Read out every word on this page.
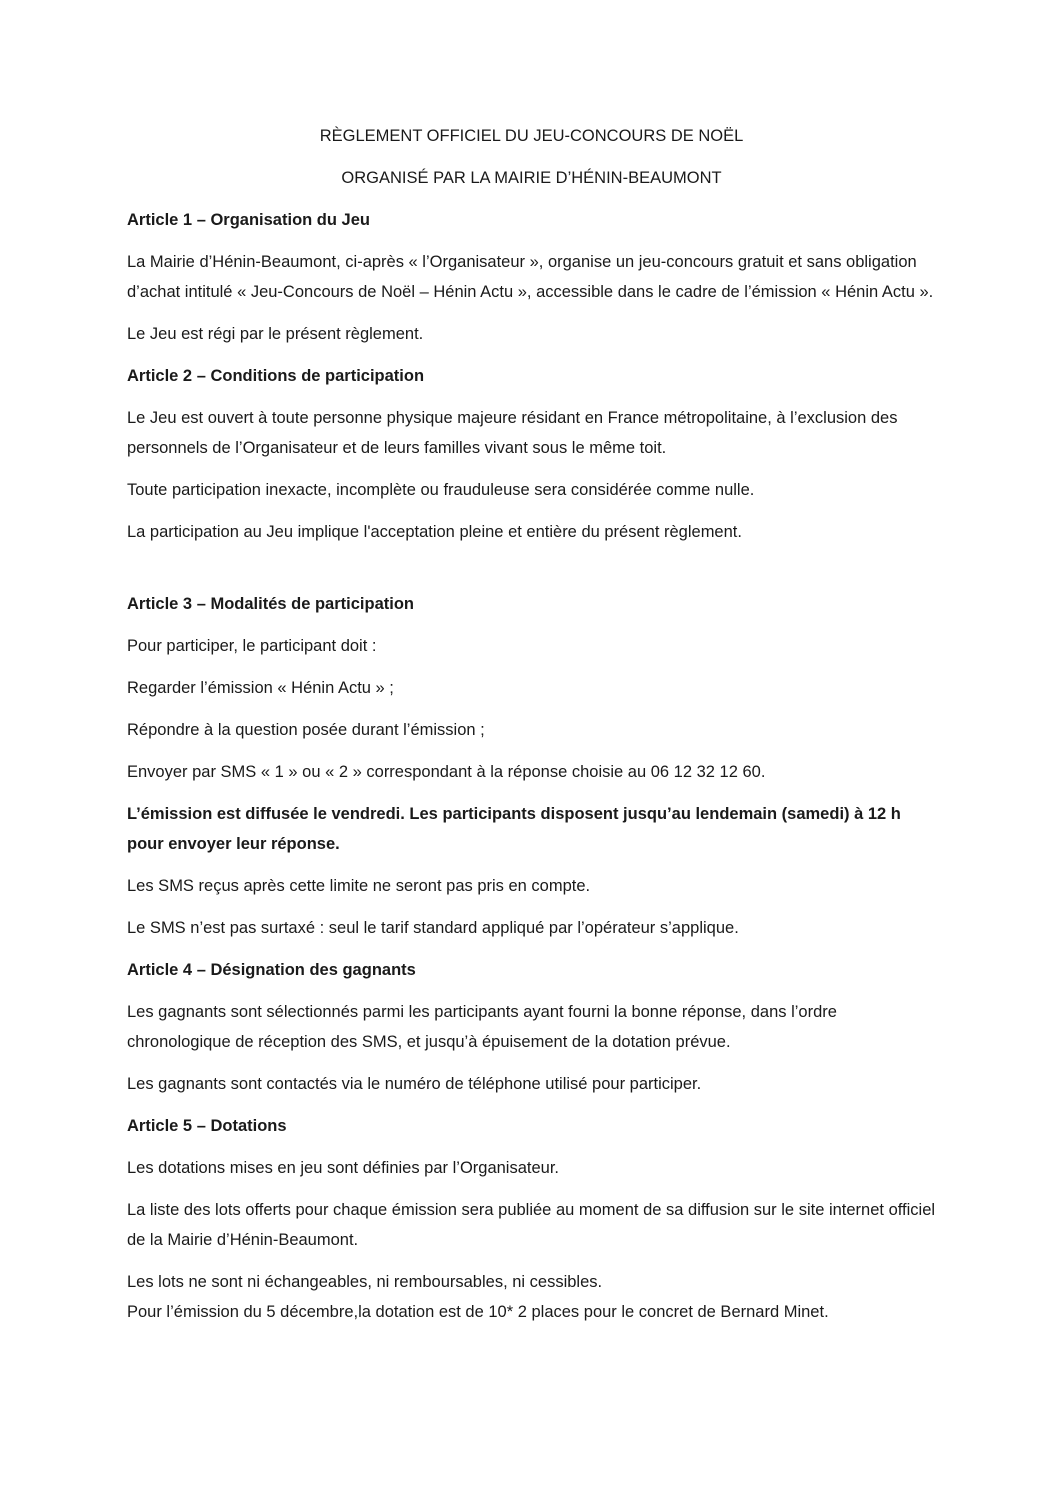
RÈGLEMENT OFFICIEL DU JEU-CONCOURS DE NOËL

ORGANISÉ PAR LA MAIRIE D’HÉNIN-BEAUMONT

Article 1 – Organisation du Jeu

La Mairie d’Hénin-Beaumont, ci-après « l’Organisateur », organise un jeu-concours gratuit et sans obligation d’achat intitulé « Jeu-Concours de Noël – Hénin Actu », accessible dans le cadre de l’émission « Hénin Actu ».

Le Jeu est régi par le présent règlement.

Article 2 – Conditions de participation

Le Jeu est ouvert à toute personne physique majeure résidant en France métropolitaine, à l’exclusion des personnels de l’Organisateur et de leurs familles vivant sous le même toit.

Toute participation inexacte, incomplète ou frauduleuse sera considérée comme nulle.

La participation au Jeu implique l'acceptation pleine et entière du présent règlement.

Article 3 – Modalités de participation

Pour participer, le participant doit :

Regarder l’émission « Hénin Actu » ;

Répondre à la question posée durant l’émission ;

Envoyer par SMS « 1 » ou « 2 » correspondant à la réponse choisie au 06 12 32 12 60.

L’émission est diffusée le vendredi. Les participants disposent jusqu’au lendemain (samedi) à 12 h pour envoyer leur réponse.

Les SMS reçus après cette limite ne seront pas pris en compte.

Le SMS n’est pas surtaxé : seul le tarif standard appliqué par l’opérateur s’applique.

Article 4 – Désignation des gagnants

Les gagnants sont sélectionnés parmi les participants ayant fourni la bonne réponse, dans l’ordre chronologique de réception des SMS, et jusqu’à épuisement de la dotation prévue.

Les gagnants sont contactés via le numéro de téléphone utilisé pour participer.

Article 5 – Dotations

Les dotations mises en jeu sont définies par l’Organisateur.

La liste des lots offerts pour chaque émission sera publiée au moment de sa diffusion sur le site internet officiel de la Mairie d’Hénin-Beaumont.

Les lots ne sont ni échangeables, ni remboursables, ni cessibles.

Pour l’émission du 5 décembre,la dotation est de 10* 2 places pour le concret de Bernard Minet.
